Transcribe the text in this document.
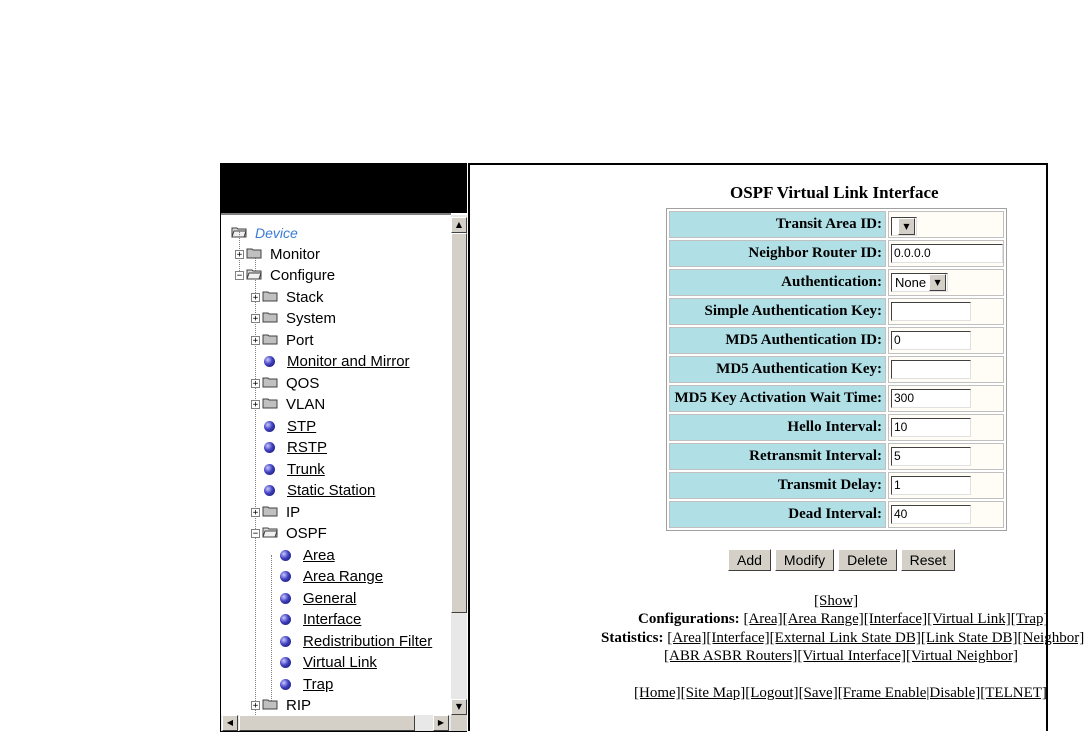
Device
+ Monitor
− Configure
+ Stack
+ System
+ Port
Monitor and Mirror
+ QOS
+ VLAN
STP
RSTP
Trunk
Static Station
+ IP
− OSPF
Area
Area Range
General
Interface
Redistribution Filter
Virtual Link
Trap
+ RIP
▲
▼
◀	▶
OSPF Virtual Link Interface
Transit Area ID:	▼

Neighbor Router ID:	0.0.0.0

Authentication:	None ▼

Simple Authentication Key:	

MD5 Authentication ID:	0

MD5 Authentication Key:	

MD5 Key Activation Wait Time:	300

Hello Interval:	10

Retransmit Interval:	5

Transmit Delay:	1

Dead Interval:	40
Add	Modify	Delete	Reset
[Show]
Configurations: [Area][Area Range][Interface][Virtual Link][Trap]
Statistics: [Area][Interface][External Link State DB][Link State DB][Neighbor]
[ABR ASBR Routers][Virtual Interface][Virtual Neighbor]
[Home][Site Map][Logout][Save][Frame Enable|Disable][TELNET]
